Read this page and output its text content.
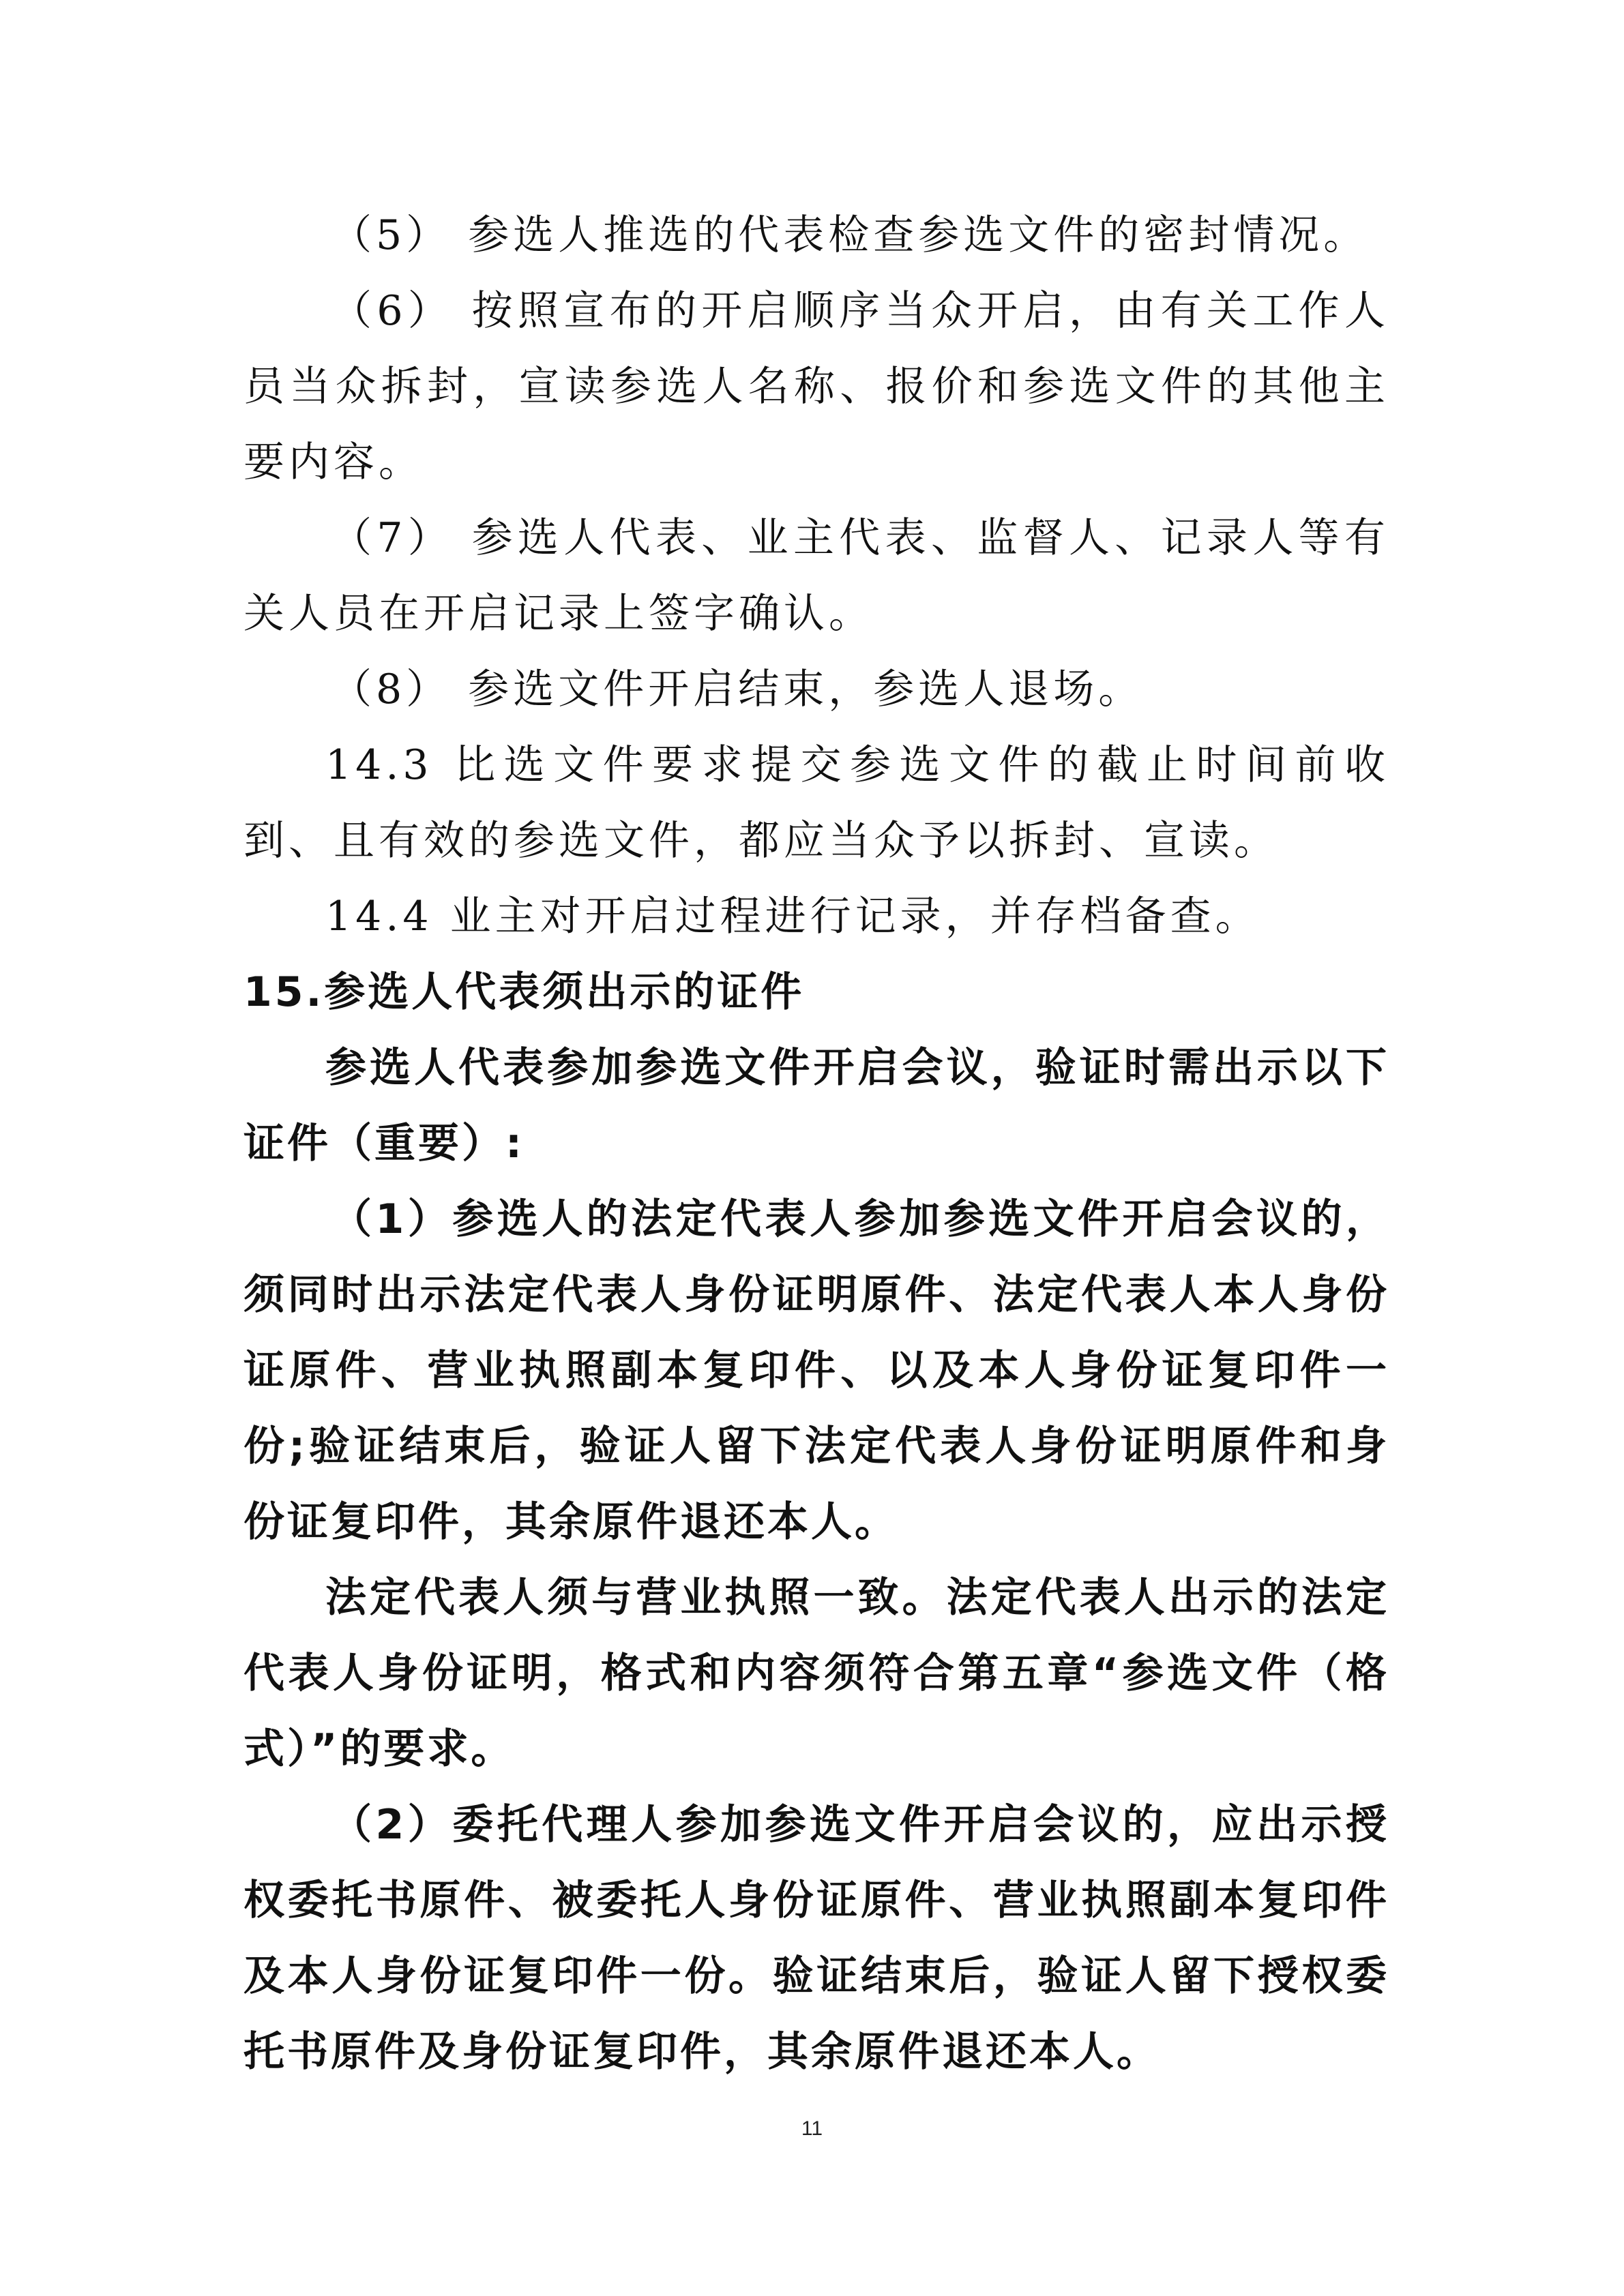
（5） 参选人推选的代表检查参选文件的密封情况。

（6） 按照宣布的开启顺序当众开启，由有关工作人员当众拆封，宣读参选人名称、报价和参选文件的其他主要内容。

（7） 参选人代表、业主代表、监督人、记录人等有关人员在开启记录上签字确认。

（8） 参选文件开启结束，参选人退场。

14.3 比选文件要求提交参选文件的截止时间前收到、且有效的参选文件，都应当众予以拆封、宣读。

14.4 业主对开启过程进行记录，并存档备查。

15.参选人代表须出示的证件

参选人代表参加参选文件开启会议，验证时需出示以下证件（重要）:

（1）参选人的法定代表人参加参选文件开启会议的，须同时出示法定代表人身份证明原件、法定代表人本人身份证原件、营业执照副本复印件、以及本人身份证复印件一份;验证结束后，验证人留下法定代表人身份证明原件和身份证复印件，其余原件退还本人。

法定代表人须与营业执照一致。法定代表人出示的法定代表人身份证明，格式和内容须符合第五章“参选文件（格式）”的要求。

（2）委托代理人参加参选文件开启会议的，应出示授权委托书原件、被委托人身份证原件、营业执照副本复印件及本人身份证复印件一份。验证结束后，验证人留下授权委托书原件及身份证复印件，其余原件退还本人。

11
